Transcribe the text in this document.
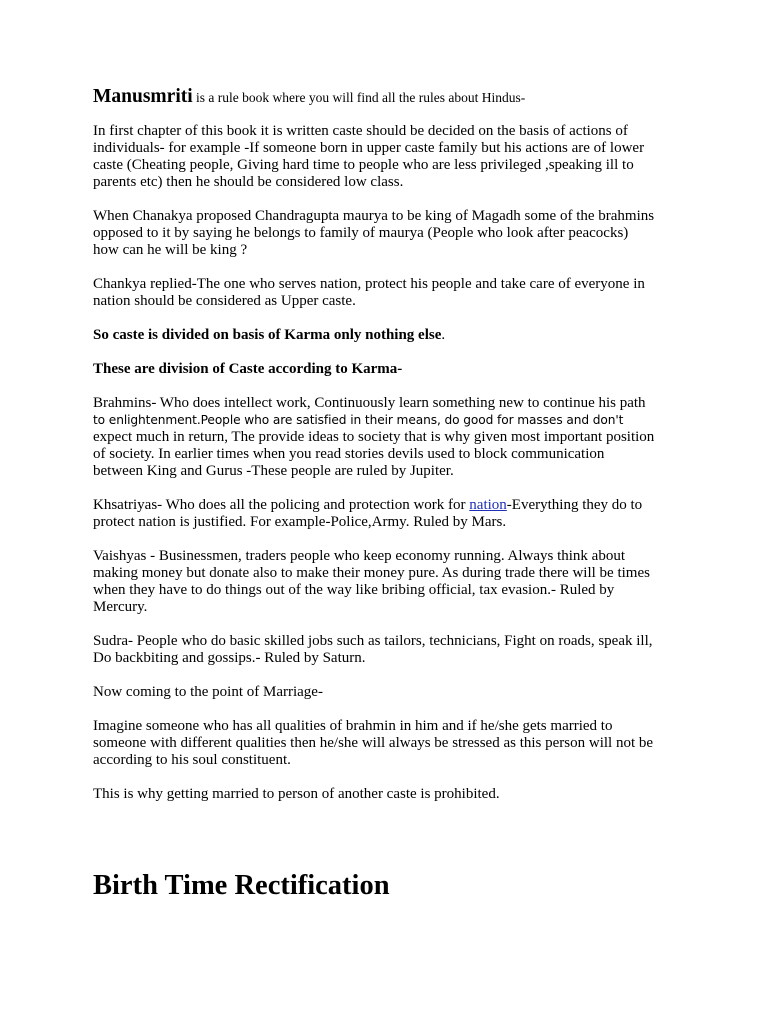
Manusmriti is a rule book where you will find all the rules about Hindus-

In first chapter of this book it is written caste should be decided on the basis of actions of
individuals- for example -If someone born in upper caste family but his actions are of lower
caste (Cheating people, Giving hard time to people who are less privileged ,speaking ill to
parents etc) then he should be considered low class.

When Chanakya proposed Chandragupta maurya to be king of Magadh some of the brahmins
opposed to it by saying he belongs to family of maurya (People who look after peacocks)
how can he will be king ?

Chankya replied-The one who serves nation, protect his people and take care of everyone in
nation should be considered as Upper caste.

So caste is divided on basis of Karma only nothing else.

These are division of Caste according to Karma-

Brahmins- Who does intellect work, Continuously learn something new to continue his path
to enlightenment.People who are satisfied in their means, do good for masses and don't
expect much in return, The provide ideas to society that is why given most important position
of society. In earlier times when you read stories devils used to block communication
between King and Gurus -These people are ruled by Jupiter.

Khsatriyas- Who does all the policing and protection work for nation-Everything they do to
protect nation is justified. For example-Police,Army. Ruled by Mars.

Vaishyas - Businessmen, traders people who keep economy running. Always think about
making money but donate also to make their money pure. As during trade there will be times
when they have to do things out of the way like bribing official, tax evasion.- Ruled by
Mercury.

Sudra- People who do basic skilled jobs such as tailors, technicians, Fight on roads, speak ill,
Do backbiting and gossips.- Ruled by Saturn.

Now coming to the point of Marriage-

Imagine someone who has all qualities of brahmin in him and if he/she gets married to
someone with different qualities then he/she will always be stressed as this person will not be
according to his soul constituent.

This is why getting married to person of another caste is prohibited.

Birth Time Rectification
